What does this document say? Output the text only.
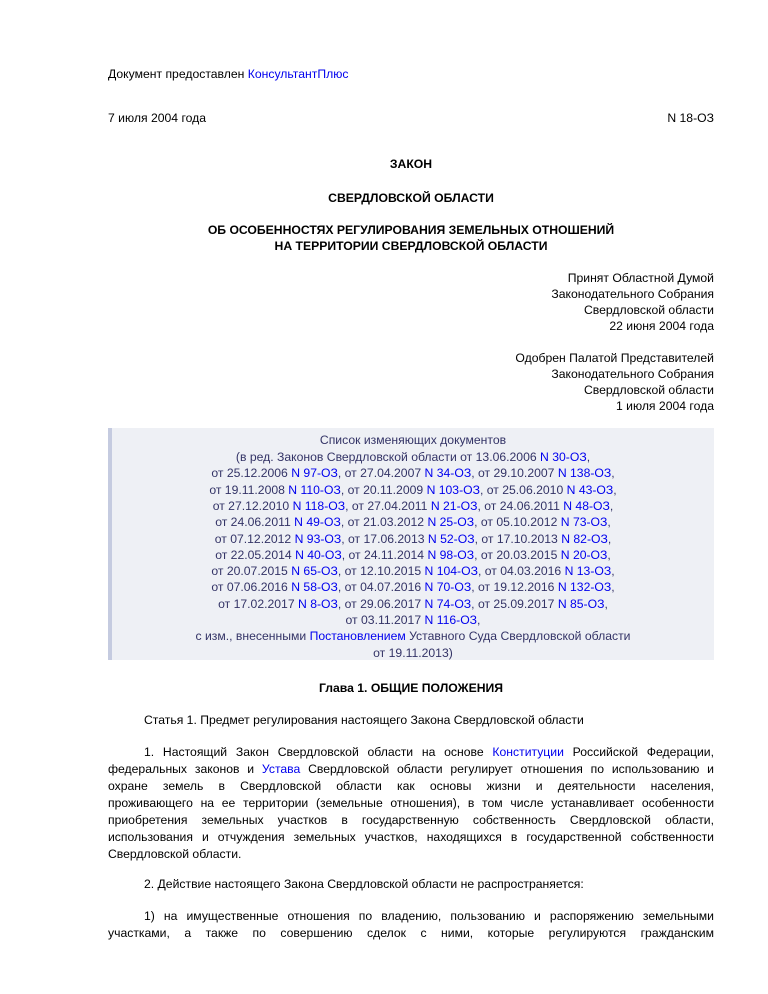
Документ предоставлен КонсультантПлюс
7 июля 2004 года	N 18-ОЗ
ЗАКОН
СВЕРДЛОВСКОЙ ОБЛАСТИ
ОБ ОСОБЕННОСТЯХ РЕГУЛИРОВАНИЯ ЗЕМЕЛЬНЫХ ОТНОШЕНИЙ
НА ТЕРРИТОРИИ СВЕРДЛОВСКОЙ ОБЛАСТИ
Принят Областной Думой
Законодательного Собрания
Свердловской области
22 июня 2004 года
Одобрен Палатой Представителей
Законодательного Собрания
Свердловской области
1 июля 2004 года
Список изменяющих документов
(в ред. Законов Свердловской области от 13.06.2006 N 30-ОЗ,
от 25.12.2006 N 97-ОЗ, от 27.04.2007 N 34-ОЗ, от 29.10.2007 N 138-ОЗ,
от 19.11.2008 N 110-ОЗ, от 20.11.2009 N 103-ОЗ, от 25.06.2010 N 43-ОЗ,
от 27.12.2010 N 118-ОЗ, от 27.04.2011 N 21-ОЗ, от 24.06.2011 N 48-ОЗ,
от 24.06.2011 N 49-ОЗ, от 21.03.2012 N 25-ОЗ, от 05.10.2012 N 73-ОЗ,
от 07.12.2012 N 93-ОЗ, от 17.06.2013 N 52-ОЗ, от 17.10.2013 N 82-ОЗ,
от 22.05.2014 N 40-ОЗ, от 24.11.2014 N 98-ОЗ, от 20.03.2015 N 20-ОЗ,
от 20.07.2015 N 65-ОЗ, от 12.10.2015 N 104-ОЗ, от 04.03.2016 N 13-ОЗ,
от 07.06.2016 N 58-ОЗ, от 04.07.2016 N 70-ОЗ, от 19.12.2016 N 132-ОЗ,
от 17.02.2017 N 8-ОЗ, от 29.06.2017 N 74-ОЗ, от 25.09.2017 N 85-ОЗ,
от 03.11.2017 N 116-ОЗ,
с изм., внесенными Постановлением Уставного Суда Свердловской области
от 19.11.2013)
Глава 1. ОБЩИЕ ПОЛОЖЕНИЯ
Статья 1. Предмет регулирования настоящего Закона Свердловской области
1. Настоящий Закон Свердловской области на основе Конституции Российской Федерации,
федеральных законов и Устава Свердловской области регулирует отношения по использованию и
охране земель в Свердловской области как основы жизни и деятельности населения,
проживающего на ее территории (земельные отношения), в том числе устанавливает особенности
приобретения земельных участков в государственную собственность Свердловской области,
использования и отчуждения земельных участков, находящихся в государственной собственности
Свердловской области.
2. Действие настоящего Закона Свердловской области не распространяется:
1) на имущественные отношения по владению, пользованию и распоряжению земельными
участками, а также по совершению сделок с ними, которые регулируются гражданским
